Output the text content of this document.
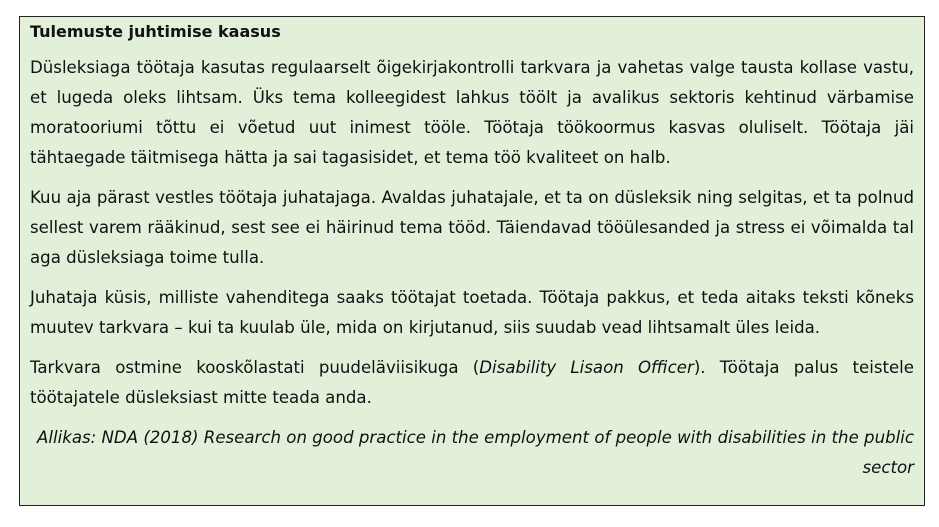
Tulemuste juhtimise kaasus

Düsleksiaga töötaja kasutas regulaarselt õigekirjakontrolli tarkvara ja vahetas valge tausta kollase vastu, et lugeda oleks lihtsam. Üks tema kolleegidest lahkus töölt ja avalikus sektoris kehtinud värbamise moratooriumi tõttu ei võetud uut inimest tööle. Töötaja töökoormus kasvas oluliselt. Töötaja jäi tähtaegade täitmisega hätta ja sai tagasisidet, et tema töö kvaliteet on halb.

Kuu aja pärast vestles töötaja juhatajaga. Avaldas juhatajale, et ta on düsleksik ning selgitas, et ta polnud sellest varem rääkinud, sest see ei häirinud tema tööd. Täiendavad tööülesanded ja stress ei võimalda tal aga düsleksiaga toime tulla.

Juhataja küsis, milliste vahenditega saaks töötajat toetada. Töötaja pakkus, et teda aitaks teksti kõneks muutev tarkvara – kui ta kuulab üle, mida on kirjutanud, siis suudab vead lihtsamalt üles leida.

Tarkvara ostmine kooskõlastati puudeläviisikuga (Disability Lisaon Officer). Töötaja palus teistele töötajatele düsleksiast mitte teada anda.

Allikas: NDA (2018) Research on good practice in the employment of people with disabilities in the public sector
